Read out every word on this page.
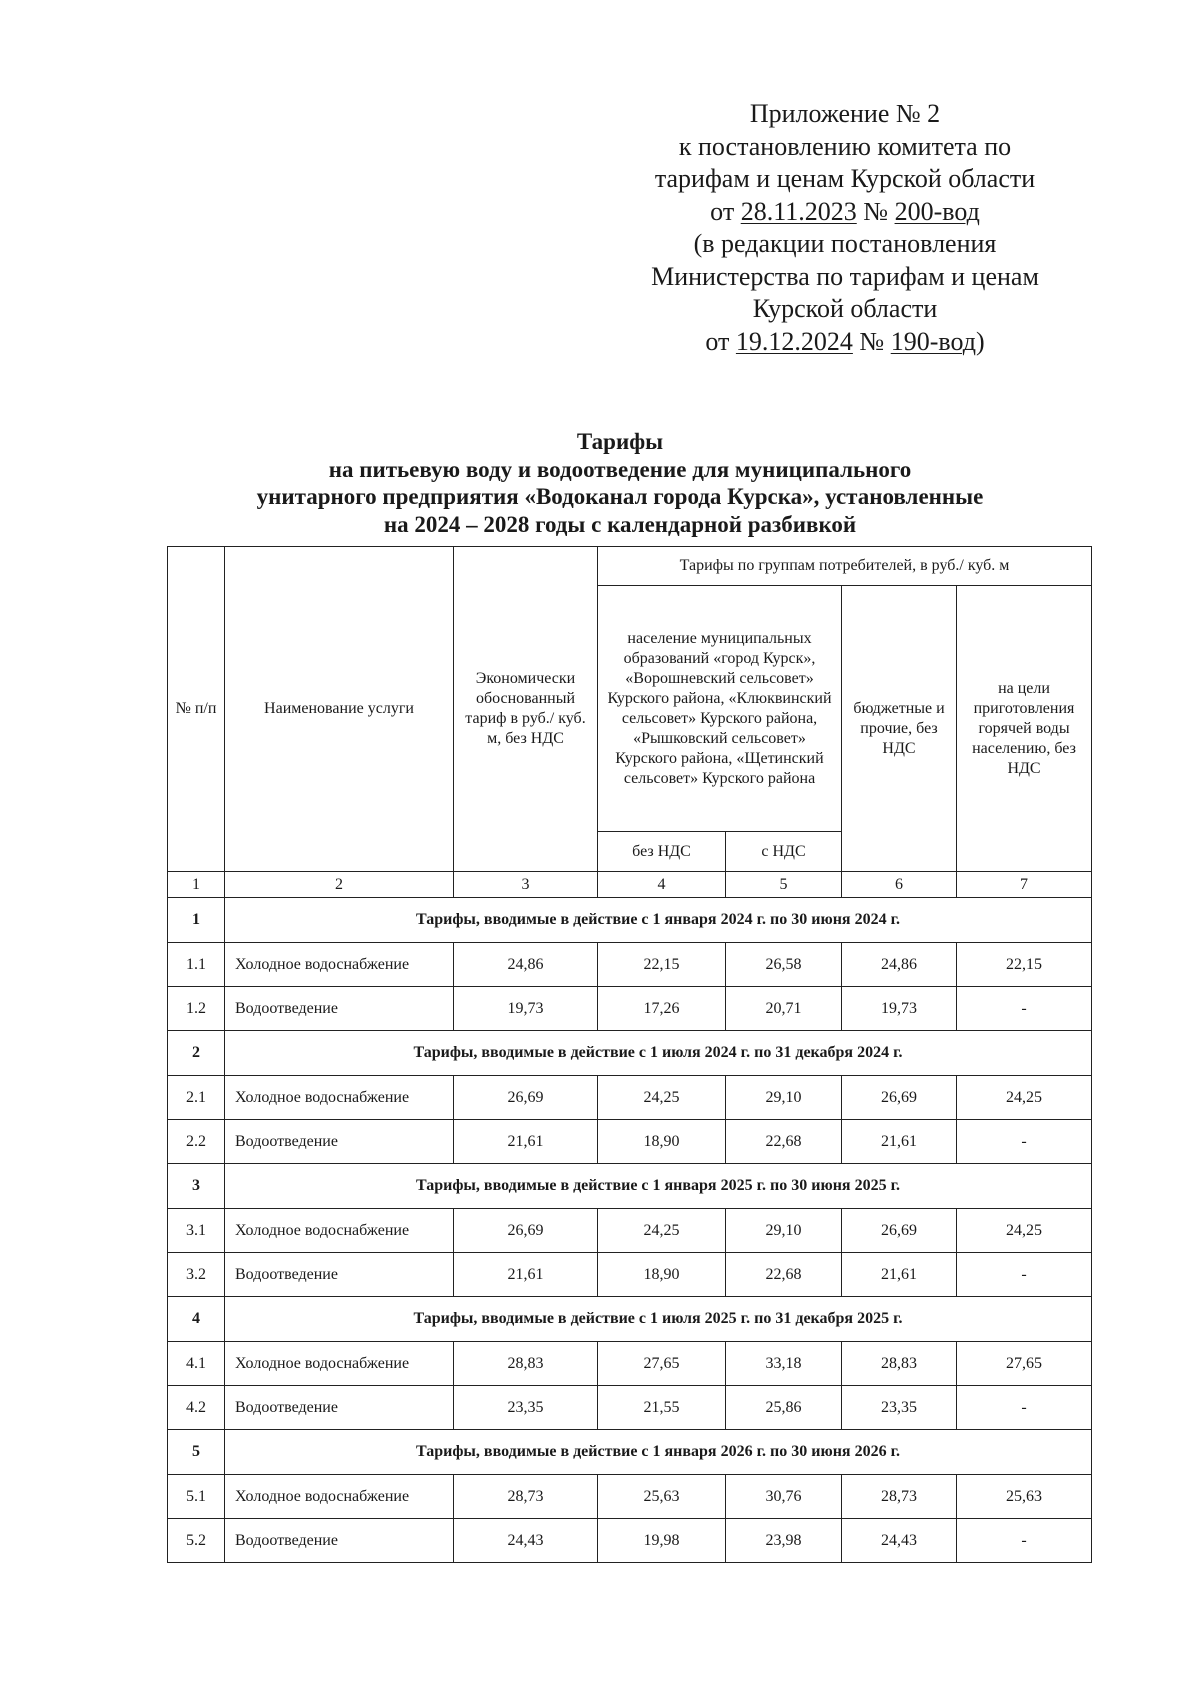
Приложение № 2
к постановлению комитета по
тарифам и ценам Курской области
от 28.11.2023 № 200-вод
(в редакции постановления
Министерства по тарифам и ценам
Курской области
от 19.12.2024 № 190-вод)
Тарифы
на питьевую воду и водоотведение для муниципального
унитарного предприятия «Водоканал города Курска», установленные
на 2024 – 2028 годы с календарной разбивкой
№ п/п	Наименование услуги	Экономически обоснованный тариф в руб./ куб. м, без НДС	Тарифы по группам потребителей, в руб./ куб. м			
			население муниципальных образований «город Курск», «Ворошневский сельсовет» Курского района, «Клюквинский сельсовет» Курского района, «Рышковский сельсовет» Курского района, «Щетинский сельсовет» Курского района		бюджетные и прочие, без НДС	на цели приготовления горячей воды населению, без НДС
			без НДС	с НДС		
1	2	3	4	5	6	7
1	Тарифы, вводимые в действие с 1 января 2024 г. по 30 июня 2024 г.					
1.1	Холодное водоснабжение	24,86	22,15	26,58	24,86	22,15
1.2	Водоотведение	19,73	17,26	20,71	19,73	-
2	Тарифы, вводимые в действие с 1 июля 2024 г. по 31 декабря 2024 г.					
2.1	Холодное водоснабжение	26,69	24,25	29,10	26,69	24,25
2.2	Водоотведение	21,61	18,90	22,68	21,61	-
3	Тарифы, вводимые в действие с 1 января 2025 г. по 30 июня 2025 г.					
3.1	Холодное водоснабжение	26,69	24,25	29,10	26,69	24,25
3.2	Водоотведение	21,61	18,90	22,68	21,61	-
4	Тарифы, вводимые в действие с 1 июля 2025 г. по 31 декабря 2025 г.					
4.1	Холодное водоснабжение	28,83	27,65	33,18	28,83	27,65
4.2	Водоотведение	23,35	21,55	25,86	23,35	-
5	Тарифы, вводимые в действие с 1 января 2026 г. по 30 июня 2026 г.					
5.1	Холодное водоснабжение	28,73	25,63	30,76	28,73	25,63
5.2	Водоотведение	24,43	19,98	23,98	24,43	-
